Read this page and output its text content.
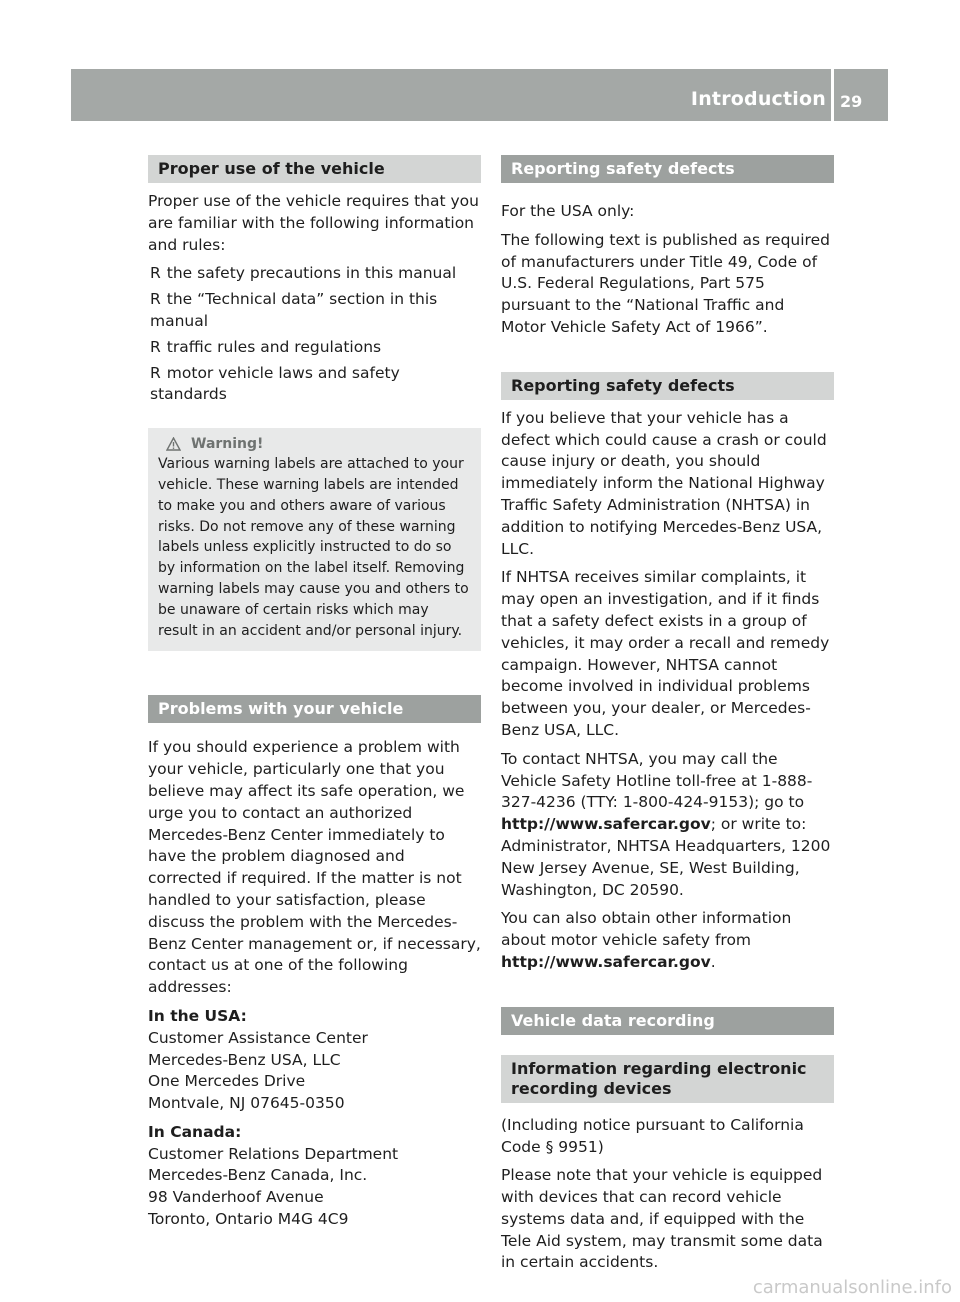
Introduction 29
Proper use of the vehicle

Proper use of the vehicle requires that you are familiar with the following information and rules:

R the safety precautions in this manual
R the “Technical data” section in this manual
R traffic rules and regulations
R motor vehicle laws and safety standards
Warning!

Various warning labels are attached to your vehicle. These warning labels are intended to make you and others aware of various risks. Do not remove any of these warning labels unless explicitly instructed to do so by information on the label itself. Removing warning labels may cause you and others to be unaware of certain risks which may result in an accident and/or personal injury.

Problems with your vehicle

If you should experience a problem with your vehicle, particularly one that you believe may affect its safe operation, we urge you to contact an authorized Mercedes-Benz Center immediately to have the problem diagnosed and corrected if required. If the matter is not handled to your satisfaction, please discuss the problem with the Mercedes-Benz Center management or, if necessary, contact us at one of the following addresses:

In the USA:
Customer Assistance Center
Mercedes-Benz USA, LLC
One Mercedes Drive
Montvale, NJ 07645-0350

In Canada:
Customer Relations Department
Mercedes-Benz Canada, Inc.
98 Vanderhoof Avenue
Toronto, Ontario M4G 4C9

Reporting safety defects

For the USA only:

The following text is published as required of manufacturers under Title 49, Code of U.S. Federal Regulations, Part 575 pursuant to the “National Traffic and Motor Vehicle Safety Act of 1966”.

Reporting safety defects

If you believe that your vehicle has a defect which could cause a crash or could cause injury or death, you should immediately inform the National Highway Traffic Safety Administration (NHTSA) in addition to notifying Mercedes-Benz USA, LLC.

If NHTSA receives similar complaints, it may open an investigation, and if it finds that a safety defect exists in a group of vehicles, it may order a recall and remedy campaign. However, NHTSA cannot become involved in individual problems between you, your dealer, or Mercedes-Benz USA, LLC.

To contact NHTSA, you may call the Vehicle Safety Hotline toll-free at 1-888-327-4236 (TTY: 1-800-424-9153); go to
http://www.safercar.gov; or write to: Administrator, NHTSA Headquarters, 1200 New Jersey Avenue, SE, West Building, Washington, DC 20590.

You can also obtain other information about motor vehicle safety from
http://www.safercar.gov.

Vehicle data recording
Information regarding electronic recording devices

(Including notice pursuant to California Code § 9951)

Please note that your vehicle is equipped with devices that can record vehicle systems data and, if equipped with the Tele Aid system, may transmit some data in certain accidents.

carmanualsonline.info
